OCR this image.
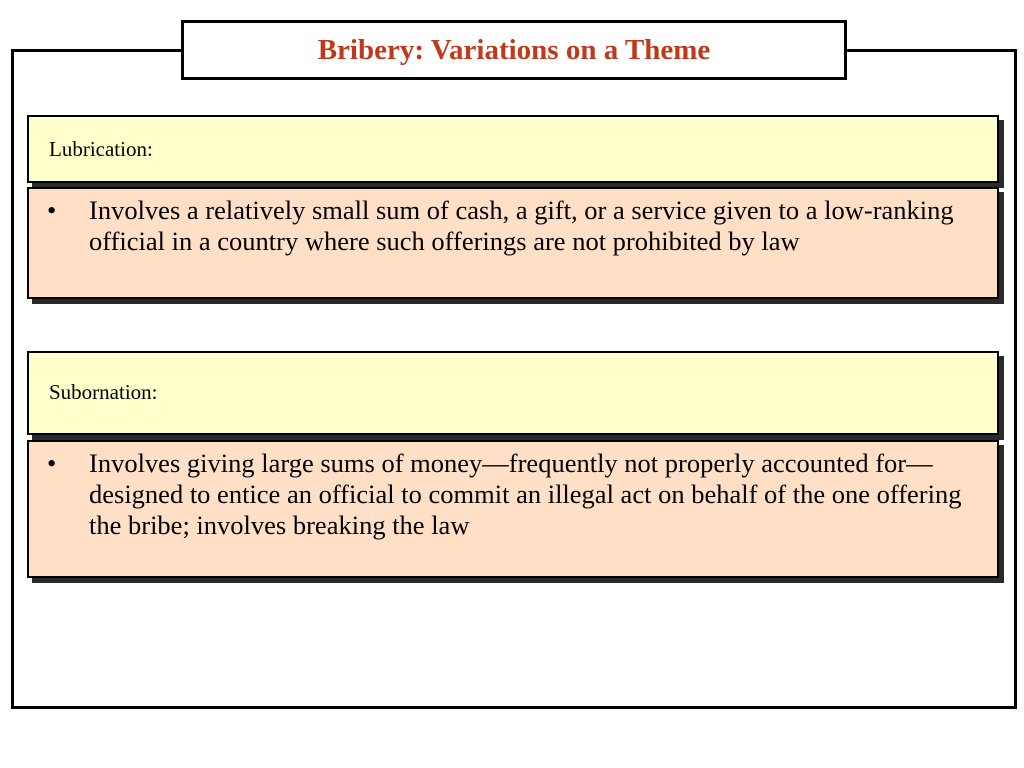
Bribery: Variations on a Theme
Lubrication:
•	Involves a relatively small sum of cash, a gift, or a service given to a low-ranking official in a country where such offerings are not prohibited by law
Subornation:
•	Involves giving large sums of money—frequently not properly accounted for—designed to entice an official to commit an illegal act on behalf of the one offering the bribe; involves breaking the law
